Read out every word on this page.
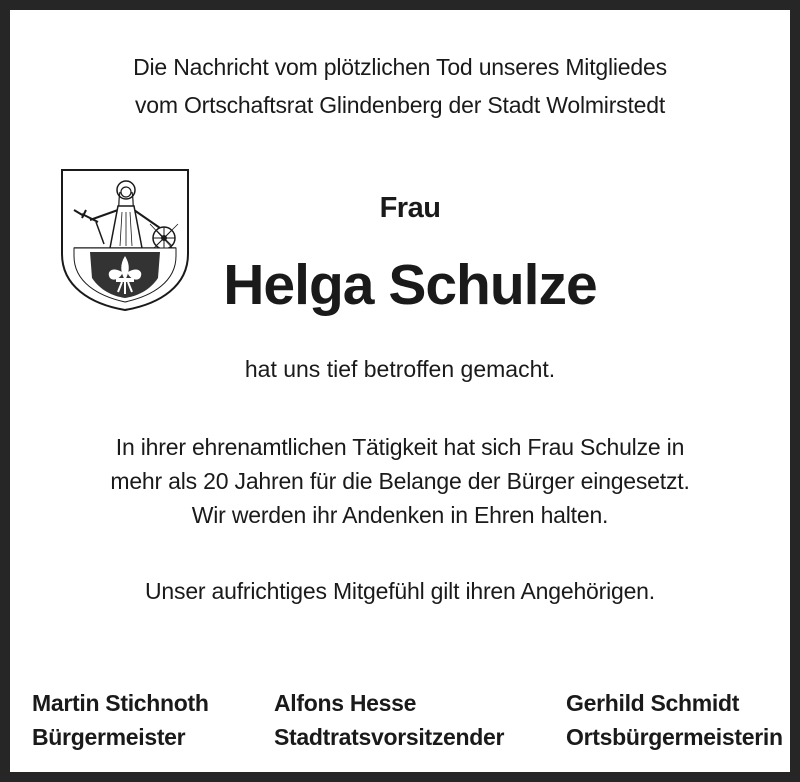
Die Nachricht vom plötzlichen Tod unseres Mitgliedes
vom Ortschaftsrat Glindenberg der Stadt Wolmirstedt
Frau
Helga Schulze
hat uns tief betroffen gemacht.
In ihrer ehrenamtlichen Tätigkeit hat sich Frau Schulze in
mehr als 20 Jahren für die Belange der Bürger eingesetzt.
Wir werden ihr Andenken in Ehren halten.
Unser aufrichtiges Mitgefühl gilt ihren Angehörigen.
Martin Stichnoth
Bürgermeister
Alfons Hesse
Stadtratsvorsitzender
Gerhild Schmidt
Ortsbürgermeisterin
